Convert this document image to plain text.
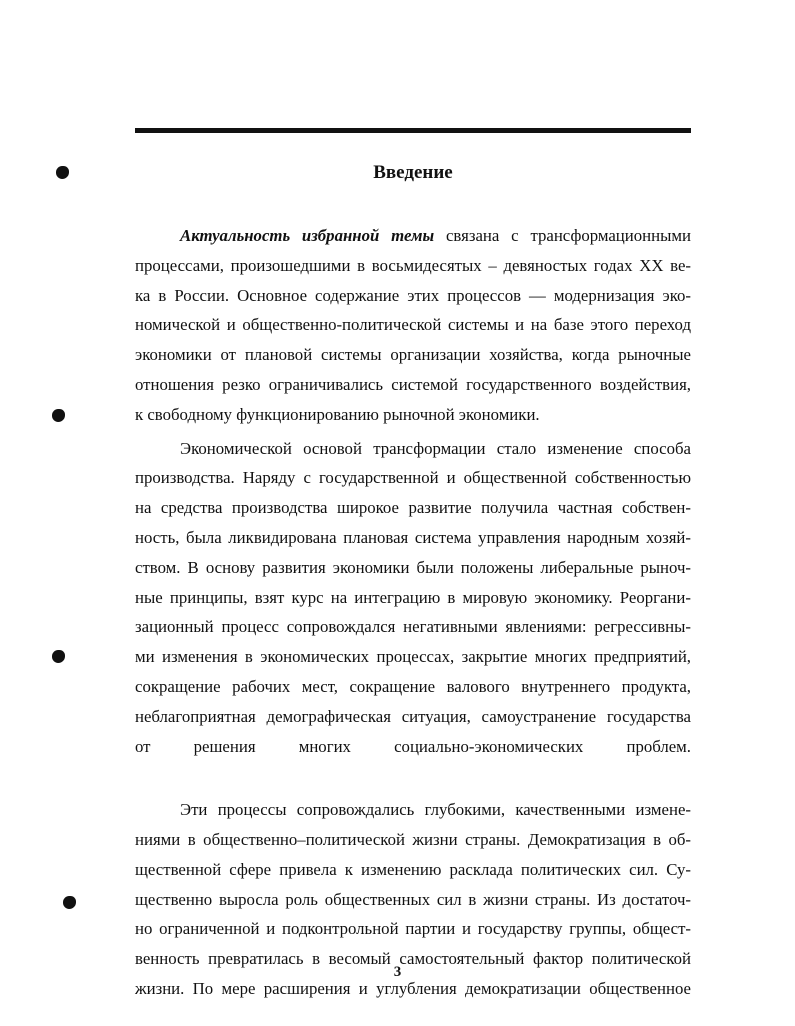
Введение
Актуальность избранной темы связана с трансформационными
процессами, произошедшими в восьмидесятых – девяностых годах XX ве-
ка в России. Основное содержание этих процессов — модернизация эко-
номической и общественно-политической системы и на базе этого переход
экономики от плановой системы организации хозяйства, когда рыночные
отношения резко ограничивались системой государственного воздействия,
к свободному функционированию рыночной экономики.
Экономической основой трансформации стало изменение способа
производства. Наряду с государственной и общественной собственностью
на средства производства широкое развитие получила частная собствен-
ность, была ликвидирована плановая система управления народным хозяй-
ством. В основу развития экономики были положены либеральные рыноч-
ные принципы, взят курс на интеграцию в мировую экономику. Реоргани-
зационный процесс сопровождался негативными явлениями: регрессивны-
ми изменения в экономических процессах, закрытие многих предприятий,
сокращение рабочих мест, сокращение валового внутреннего продукта,
неблагоприятная демографическая ситуация, самоустранение государства
от решения многих социально-экономических проблем.
Эти процессы сопровождались глубокими, качественными измене-
ниями в общественно–политической жизни страны. Демократизация в об-
щественной сфере привела к изменению расклада политических сил. Су-
щественно выросла роль общественных сил в жизни страны. Из достаточ-
но ограниченной и подконтрольной партии и государству группы, общест-
венность превратилась в весомый самостоятельный фактор политической
жизни. По мере расширения и углубления демократизации общественное
3
